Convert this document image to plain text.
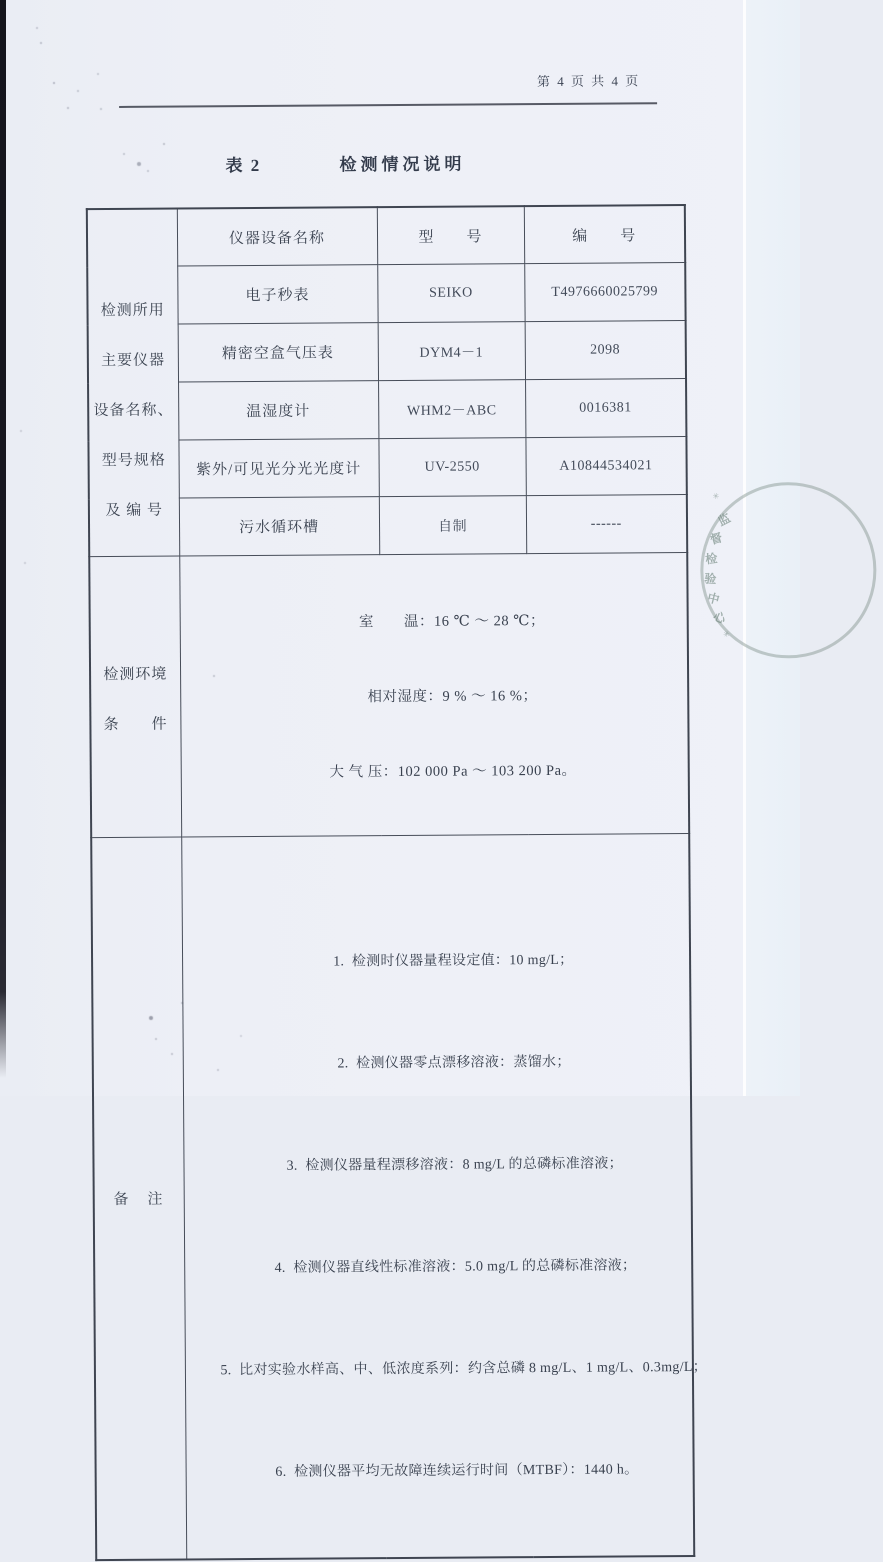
第 4 页 共 4 页
表 2	检测情况说明
检测所用
主要仪器
设备名称、
型号规格
及 编 号	仪器设备名称	型　　号	编　　号
	电子秒表	SEIKO	T4976660025799
	精密空盒气压表	DYM4－1	2098
	温湿度计	WHM2－ABC	0016381
	紫外/可见光分光光度计	UV-2550	A10844534021
	污水循环槽	自制	------

检测环境
条　　件

室　　温：16 ℃ ～ 28 ℃；

相对湿度：9 % ～ 16 %；

大 气 压：102 000 Pa ～ 103 200 Pa。

备　注	

1.  检测时仪器量程设定值：10 mg/L；

2.  检测仪器零点漂移溶液：蒸馏水；

3.  检测仪器量程漂移溶液：8 mg/L 的总磷标准溶液；

4.  检测仪器直线性标准溶液：5.0 mg/L 的总磷标准溶液；

5.  比对实验水样高、中、低浓度系列：约含总磷 8 mg/L、1 mg/L、0.3mg/L；

6.  检测仪器平均无故障连续运行时间（MTBF）：1440 h。

✳
监
督
检
验
中
心
✳
